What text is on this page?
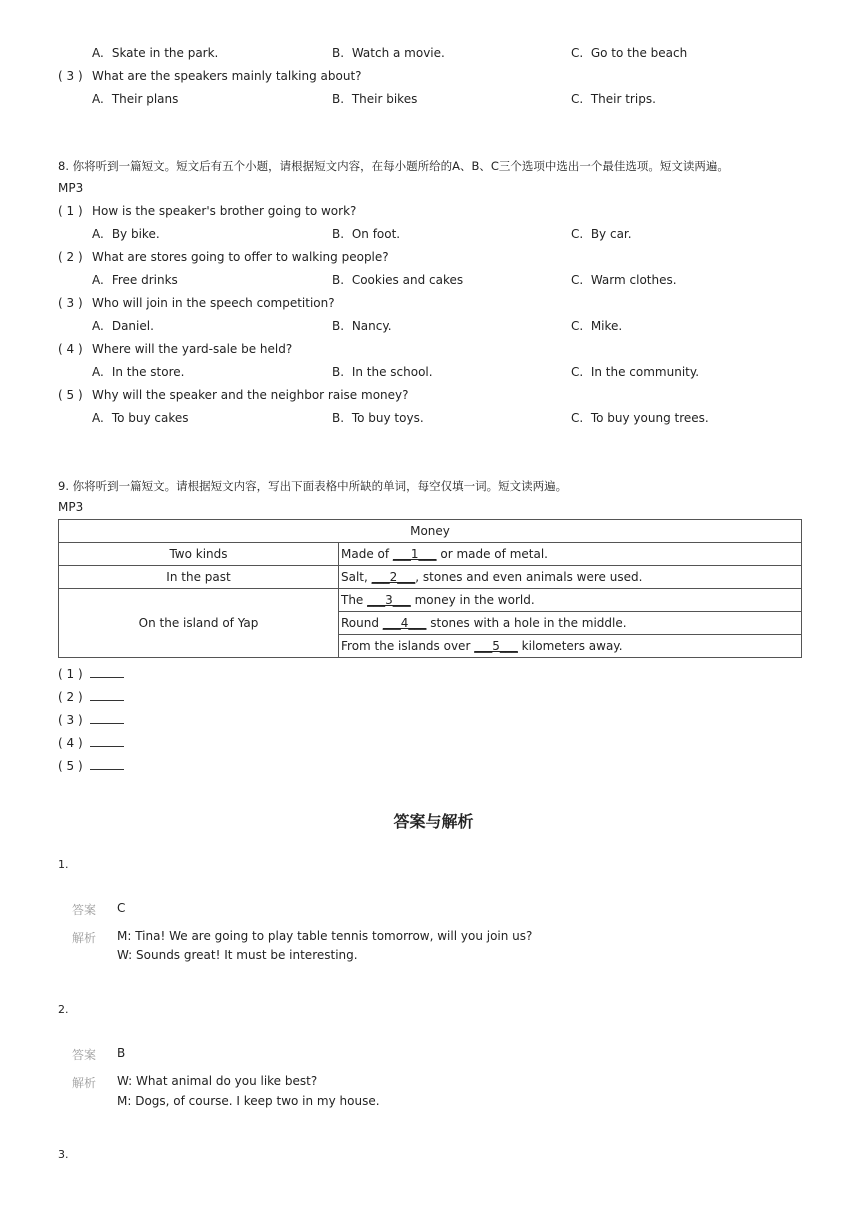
A. Skate in the park.	B. Watch a movie.	C. Go to the beach
( 3 ) What are the speakers mainly talking about?
A. Their plans	B. Their bikes	C. Their trips.
8. 你将听到一篇短文。短文后有五个小题，请根据短文内容，在每小题所给的A、B、C三个选项中选出一个最佳选项。短文读两遍。
MP3
( 1 ) How is the speaker's brother going to work?
A. By bike.	B. On foot.	C. By car.
( 2 ) What are stores going to offer to walking people?
A. Free drinks	B. Cookies and cakes	C. Warm clothes.
( 3 ) Who will join in the speech competition?
A. Daniel.	B. Nancy.	C. Mike.
( 4 ) Where will the yard-sale be held?
A. In the store.	B. In the school.	C. In the community.
( 5 ) Why will the speaker and the neighbor raise money?
A. To buy cakes	B. To buy toys.	C. To buy young trees.
9. 你将听到一篇短文。请根据短文内容，写出下面表格中所缺的单词，每空仅填一词。短文读两遍。
MP3
Money	
Two kinds	Made of ___1___ or made of metal.
In the past	Salt, ___2___, stones and even animals were used.
On the island of Yap	The ___3___ money in the world.
	Round ___4___ stones with a hole in the middle.
	From the islands over ___5___ kilometers away.
( 1 )
( 2 )
( 3 )
( 4 )
( 5 )
答案与解析
1.
答案 C
解析 M: Tina! We are going to play table tennis tomorrow, will you join us?
W: Sounds great! It must be interesting.
2.
答案 B
解析 W: What animal do you like best?
M: Dogs, of course. I keep two in my house.
3.
